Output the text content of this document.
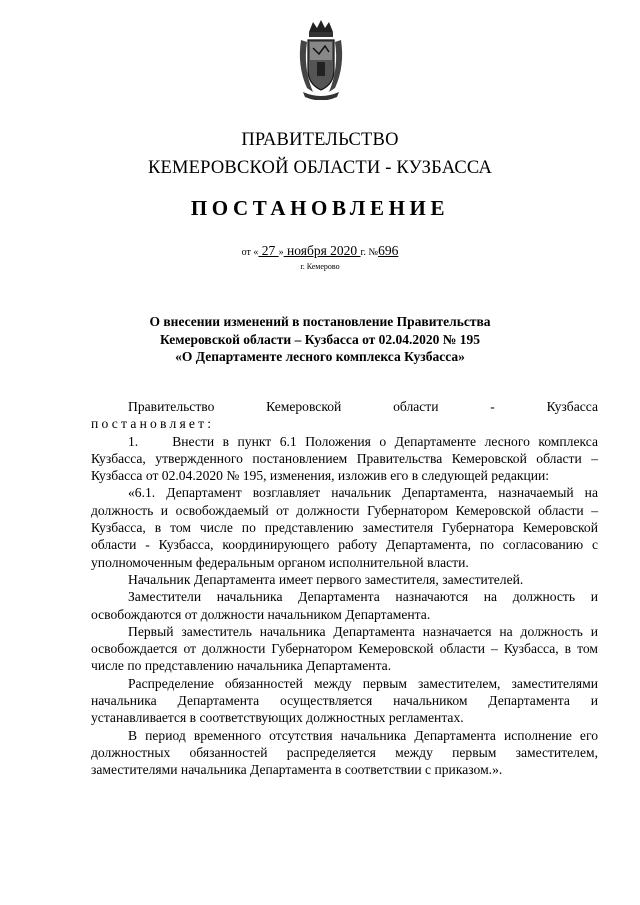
ПРАВИТЕЛЬСТВО
КЕМЕРОВСКОЙ ОБЛАСТИ - КУЗБАССА
ПОСТАНОВЛЕНИЕ
от « 27 » ноября 2020 г. №696
г. Кемерово
О внесении изменений в постановление Правительства
Кемеровской области – Кузбасса от 02.04.2020 № 195
«О Департаменте лесного комплекса Кузбасса»
Правительство	Кемеровской	области	-	Кузбасса

постановляет:

1.	Внести в пункт 6.1 Положения о Департаменте лесного комплекса Кузбасса, утвержденного постановлением Правительства Кемеровской области – Кузбасса от 02.04.2020 № 195, изменения, изложив его в следующей редакции:

«6.1. Департамент возглавляет начальник Департамента, назначаемый на должность и освобождаемый от должности Губернатором Кемеровской области – Кузбасса, в том числе по представлению заместителя Губернатора Кемеровской области - Кузбасса, координирующего работу Департамента, по согласованию с уполномоченным федеральным органом исполнительной власти.

Начальник Департамента имеет первого заместителя, заместителей.

Заместители начальника Департамента назначаются на должность и освобождаются от должности начальником Департамента.

Первый заместитель начальника Департамента назначается на должность и освобождается от должности Губернатором Кемеровской области – Кузбасса, в том числе по представлению начальника Департамента.

Распределение обязанностей между первым заместителем, заместителями начальника Департамента осуществляется начальником Департамента и устанавливается в соответствующих должностных регламентах.

В период временного отсутствия начальника Департамента исполнение его должностных обязанностей распределяется между первым заместителем, заместителями начальника Департамента в соответствии с приказом.».
